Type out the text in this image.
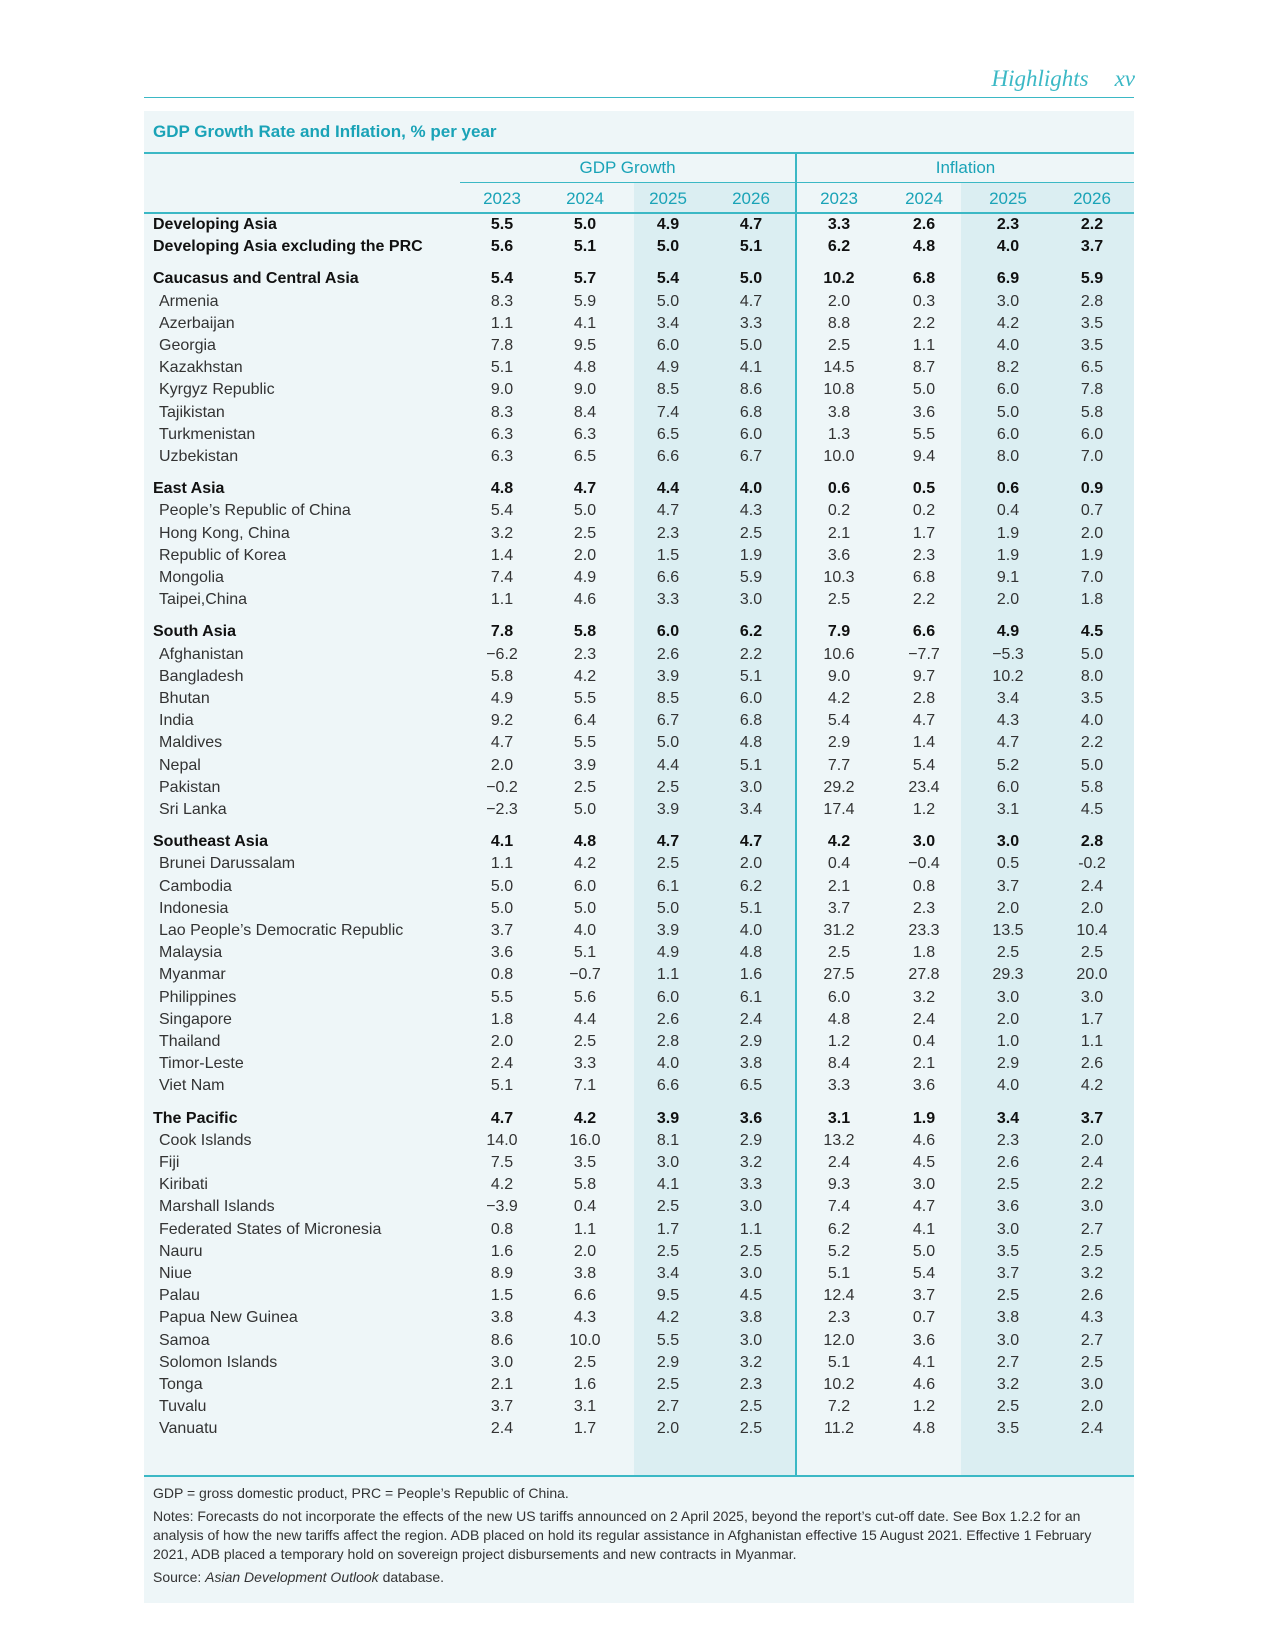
Highlights xv
GDP Growth Rate and Inflation, % per year
GDP Growth	Inflation
2023	2024	2025	2026	2023	2024	2025	2026
Developing Asia	5.5	5.0	4.9	4.7	3.3	2.6	2.3	2.2
Developing Asia excluding the PRC	5.6	5.1	5.0	5.1	6.2	4.8	4.0	3.7
Caucasus and Central Asia	5.4	5.7	5.4	5.0	10.2	6.8	6.9	5.9
Armenia	8.3	5.9	5.0	4.7	2.0	0.3	3.0	2.8
Azerbaijan	1.1	4.1	3.4	3.3	8.8	2.2	4.2	3.5
Georgia	7.8	9.5	6.0	5.0	2.5	1.1	4.0	3.5
Kazakhstan	5.1	4.8	4.9	4.1	14.5	8.7	8.2	6.5
Kyrgyz Republic	9.0	9.0	8.5	8.6	10.8	5.0	6.0	7.8
Tajikistan	8.3	8.4	7.4	6.8	3.8	3.6	5.0	5.8
Turkmenistan	6.3	6.3	6.5	6.0	1.3	5.5	6.0	6.0
Uzbekistan	6.3	6.5	6.6	6.7	10.0	9.4	8.0	7.0
East Asia	4.8	4.7	4.4	4.0	0.6	0.5	0.6	0.9
People’s Republic of China	5.4	5.0	4.7	4.3	0.2	0.2	0.4	0.7
Hong Kong, China	3.2	2.5	2.3	2.5	2.1	1.7	1.9	2.0
Republic of Korea	1.4	2.0	1.5	1.9	3.6	2.3	1.9	1.9
Mongolia	7.4	4.9	6.6	5.9	10.3	6.8	9.1	7.0
Taipei,China	1.1	4.6	3.3	3.0	2.5	2.2	2.0	1.8
South Asia	7.8	5.8	6.0	6.2	7.9	6.6	4.9	4.5
Afghanistan	−6.2	2.3	2.6	2.2	10.6	−7.7	−5.3	5.0
Bangladesh	5.8	4.2	3.9	5.1	9.0	9.7	10.2	8.0
Bhutan	4.9	5.5	8.5	6.0	4.2	2.8	3.4	3.5
India	9.2	6.4	6.7	6.8	5.4	4.7	4.3	4.0
Maldives	4.7	5.5	5.0	4.8	2.9	1.4	4.7	2.2
Nepal	2.0	3.9	4.4	5.1	7.7	5.4	5.2	5.0
Pakistan	−0.2	2.5	2.5	3.0	29.2	23.4	6.0	5.8
Sri Lanka	−2.3	5.0	3.9	3.4	17.4	1.2	3.1	4.5
Southeast Asia	4.1	4.8	4.7	4.7	4.2	3.0	3.0	2.8
Brunei Darussalam	1.1	4.2	2.5	2.0	0.4	−0.4	0.5	-0.2
Cambodia	5.0	6.0	6.1	6.2	2.1	0.8	3.7	2.4
Indonesia	5.0	5.0	5.0	5.1	3.7	2.3	2.0	2.0
Lao People’s Democratic Republic	3.7	4.0	3.9	4.0	31.2	23.3	13.5	10.4
Malaysia	3.6	5.1	4.9	4.8	2.5	1.8	2.5	2.5
Myanmar	0.8	−0.7	1.1	1.6	27.5	27.8	29.3	20.0
Philippines	5.5	5.6	6.0	6.1	6.0	3.2	3.0	3.0
Singapore	1.8	4.4	2.6	2.4	4.8	2.4	2.0	1.7
Thailand	2.0	2.5	2.8	2.9	1.2	0.4	1.0	1.1
Timor-Leste	2.4	3.3	4.0	3.8	8.4	2.1	2.9	2.6
Viet Nam	5.1	7.1	6.6	6.5	3.3	3.6	4.0	4.2
The Pacific	4.7	4.2	3.9	3.6	3.1	1.9	3.4	3.7
Cook Islands	14.0	16.0	8.1	2.9	13.2	4.6	2.3	2.0
Fiji	7.5	3.5	3.0	3.2	2.4	4.5	2.6	2.4
Kiribati	4.2	5.8	4.1	3.3	9.3	3.0	2.5	2.2
Marshall Islands	−3.9	0.4	2.5	3.0	7.4	4.7	3.6	3.0
Federated States of Micronesia	0.8	1.1	1.7	1.1	6.2	4.1	3.0	2.7
Nauru	1.6	2.0	2.5	2.5	5.2	5.0	3.5	2.5
Niue	8.9	3.8	3.4	3.0	5.1	5.4	3.7	3.2
Palau	1.5	6.6	9.5	4.5	12.4	3.7	2.5	2.6
Papua New Guinea	3.8	4.3	4.2	3.8	2.3	0.7	3.8	4.3
Samoa	8.6	10.0	5.5	3.0	12.0	3.6	3.0	2.7
Solomon Islands	3.0	2.5	2.9	3.2	5.1	4.1	2.7	2.5
Tonga	2.1	1.6	2.5	2.3	10.2	4.6	3.2	3.0
Tuvalu	3.7	3.1	2.7	2.5	7.2	1.2	2.5	2.0
Vanuatu	2.4	1.7	2.0	2.5	11.2	4.8	3.5	2.4

GDP = gross domestic product, PRC = People’s Republic of China.

Notes: Forecasts do not incorporate the effects of the new US tariffs announced on 2 April 2025, beyond the report’s cut-off date. See Box 1.2.2 for an analysis of how the new tariffs affect the region. ADB placed on hold its regular assistance in Afghanistan effective 15 August 2021. Effective 1 February 2021, ADB placed a temporary hold on sovereign project disbursements and new contracts in Myanmar.

Source: Asian Development Outlook database.
